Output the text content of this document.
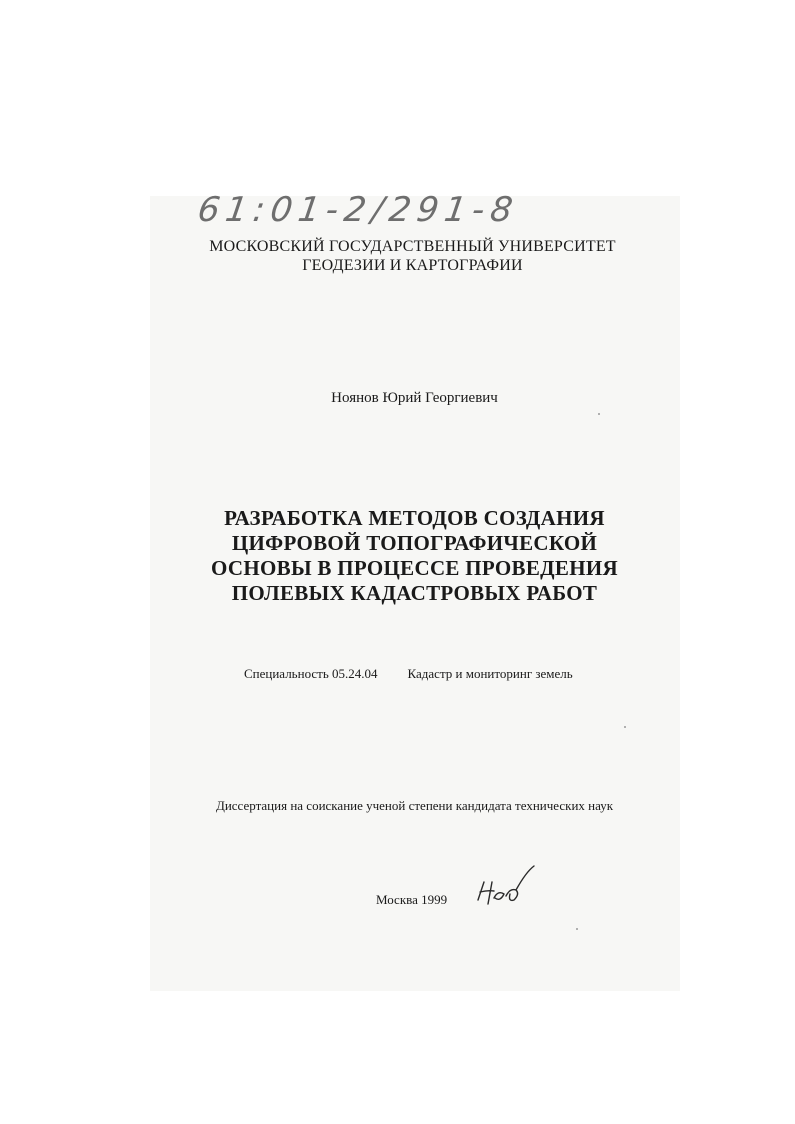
61:01-2/291-8
МОСКОВСКИЙ ГОСУДАРСТВЕННЫЙ УНИВЕРСИТЕТ
ГЕОДЕЗИИ И КАРТОГРАФИИ
Ноянов Юрий Георгиевич
РАЗРАБОТКА МЕТОДОВ СОЗДАНИЯ
ЦИФРОВОЙ ТОПОГРАФИЧЕСКОЙ
ОСНОВЫ В ПРОЦЕССЕ ПРОВЕДЕНИЯ
ПОЛЕВЫХ КАДАСТРОВЫХ РАБОТ
Специальность 05.24.04 Кадастр и мониторинг земель
Диссертация на соискание ученой степени кандидата технических наук
Москва 1999
